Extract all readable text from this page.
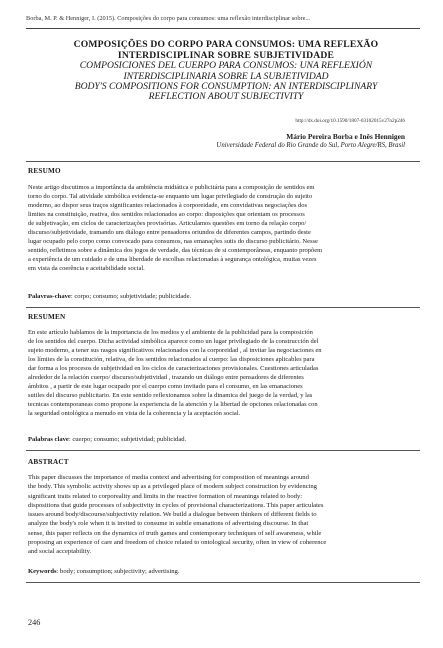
Borba, M. P. & Henniger, I. (2015). Composições do corpo para consumos: uma reflexão interdisciplinar sobre...
COMPOSIÇÕES DO CORPO PARA CONSUMOS: UMA REFLEXÃO
INTERDISCIPLINAR SOBRE SUBJETIVIDADE
COMPOSICIONES DEL CUERPO PARA CONSUMOS: UNA REFLEXIÓN
INTERDISCIPLINARIA SOBRE LA SUBJETIVIDAD
BODY'S COMPOSITIONS FOR CONSUMPTION: AN INTERDISCIPLINARY
REFLECTION ABOUT SUBJECTIVITY
http://dx.doi.org/10.1590/1807-03102015v27n2p246
Mário Pereira Borba e Inês Hennigen
Universidade Federal do Rio Grande do Sul, Porto Alegre/RS, Brasil
RESUMO
Neste artigo discutimos a importância da ambiência midiática e publicitária para a composição de sentidos em
torno do corpo. Tal atividade simbólica evidencia-se enquanto um lugar privilegiado de construção do sujeito
moderno, ao dispor seus traços significantes relacionados à corporeidade, em convidativas negociações dos
limites na constituição, reativa, dos sentidos relacionados ao corpo: disposições que orientam os processos
de subjetivação, em ciclos de caracterizações provisórias. Articulamos questões em torno da relação corpo/
discurso/subjetividade, tramando um diálogo entre pensadores oriundos de diferentes campos, partindo deste
lugar ocupado pelo corpo como convocado para consumos, nas emanações sutis do discurso publicitário. Nesse
sentido, refletimos sobre a dinâmica dos jogos de verdade, das técnicas de si contemporâneas, enquanto propõem
a experiência de um cuidado e de uma liberdade de escolhas relacionadas à segurança ontológica, muitas vezes
em vista da coerência e aceitabilidade social.
Palavras-chave: corpo; consumo; subjetividade; publicidade.
RESUMEN
En este artículo hablamos de la importancia de los medios y el ambiente de la publicidad para la composición
de los sentidos del cuerpo. Dicha actividad simbólica aparece como un lugar privilegiado de la construcción del
sujeto moderno, a tener sus rasgos significativos relacionados con la corporeidad , al invitar las negociaciones en
los límites de la constitución, relativa, de los sentidos relacionados al cuerpo: las disposiciones aplicables para
dar forma a los procesos de subjetividad en los ciclos de caracterizaciones provisionales. Cuestiones articuladas
alrededor de la relación cuerpo/ discurso/subjetividad , trazando un diálogo entre pensadores de diferentes
ámbitos , a partir de este lugar ocupado por el cuerpo como invitado para el consumo, en las emanaciones
sutiles del discurso publicitario. En este sentido reflexionamos sobre la dinamica del juego de la verdad, y las
tecnicas contemporaneas como propone la experiencia de la atención y la libertad de opciones relacionadas con
la seguridad ontológica a menudo en vista de la coherencia y la aceptación social.
Palabras clave: cuerpo; consumo; subjetividad; publicidad.
ABSTRACT
This paper discusses the importance of media context and advertising for composition of meanings around
the body. This symbolic activity shows up as a privileged place of modern subject construction by evidencing
significant traits related to corporeality and limits in the reactive formation of meanings related to body:
dispositions that guide processes of subjectivity in cycles of provisional characterizations. This paper articulates
issues around body/discourse/subjectivity relation. We build a dialogue between thinkers of different fields to
analyze the body's role when it is invited to consume in subtle emanations of advertising discourse. In that
sense, this paper reflects on the dynamics of truth games and contemporary techniques of self awareness, while
proposing an experience of care and freedom of choice related to ontological security, often in view of coherence
and social acceptability.
Keywords: body; consumption; subjectivity; advertising.
246
